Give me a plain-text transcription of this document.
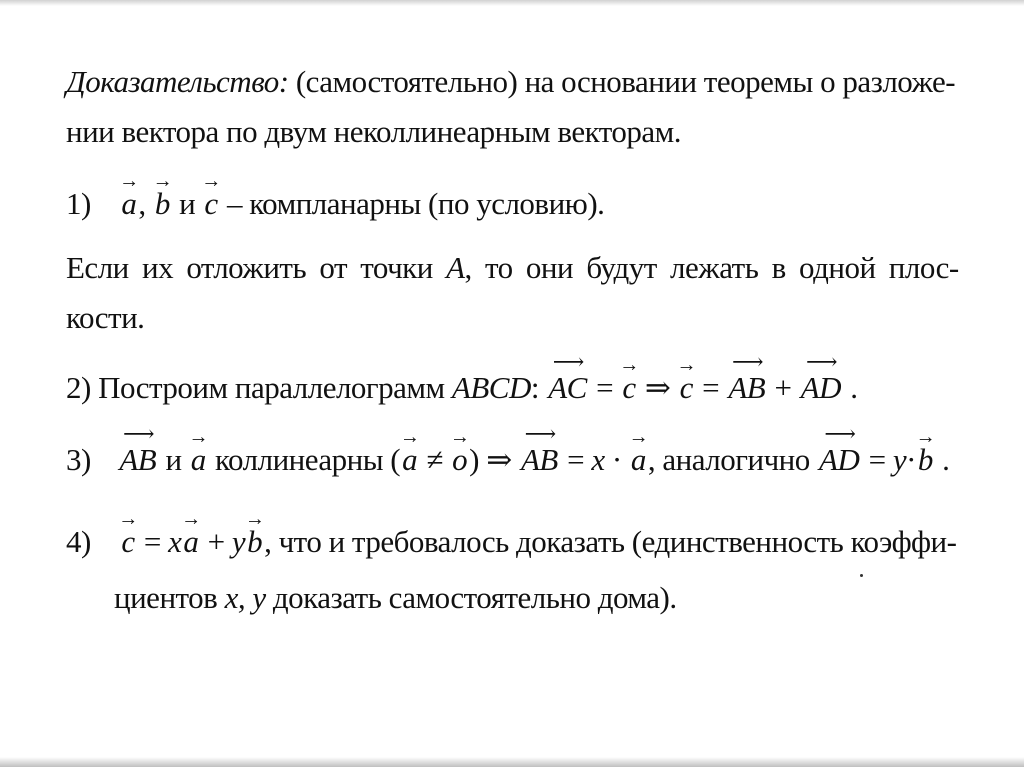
Доказательство: (самостоятельно) на основании теоремы о разложе-
нии вектора по двум неколлинеарным векторам.
1)
→
a,
→
b и
→
c – компланарны (по условию).
Если их отложить от точки A, то они будут лежать в одной плос-
кости.
2) Построим параллелограмм ABCD:
⟶
AC =
→
c ⇒
→
c =
⟶
AB +
⟶
AD .
3)
⟶
AB и
→
a коллинеарны (
→
a ≠
→
o) ⇒
⟶
AB = x ·
→
a, аналогично
⟶
AD = y·
→
b .
4)
→
c = x
→
a + y
→
b, что и требовалось доказать (единственность коэффи-
циентов x, y доказать самостоятельно дома).
